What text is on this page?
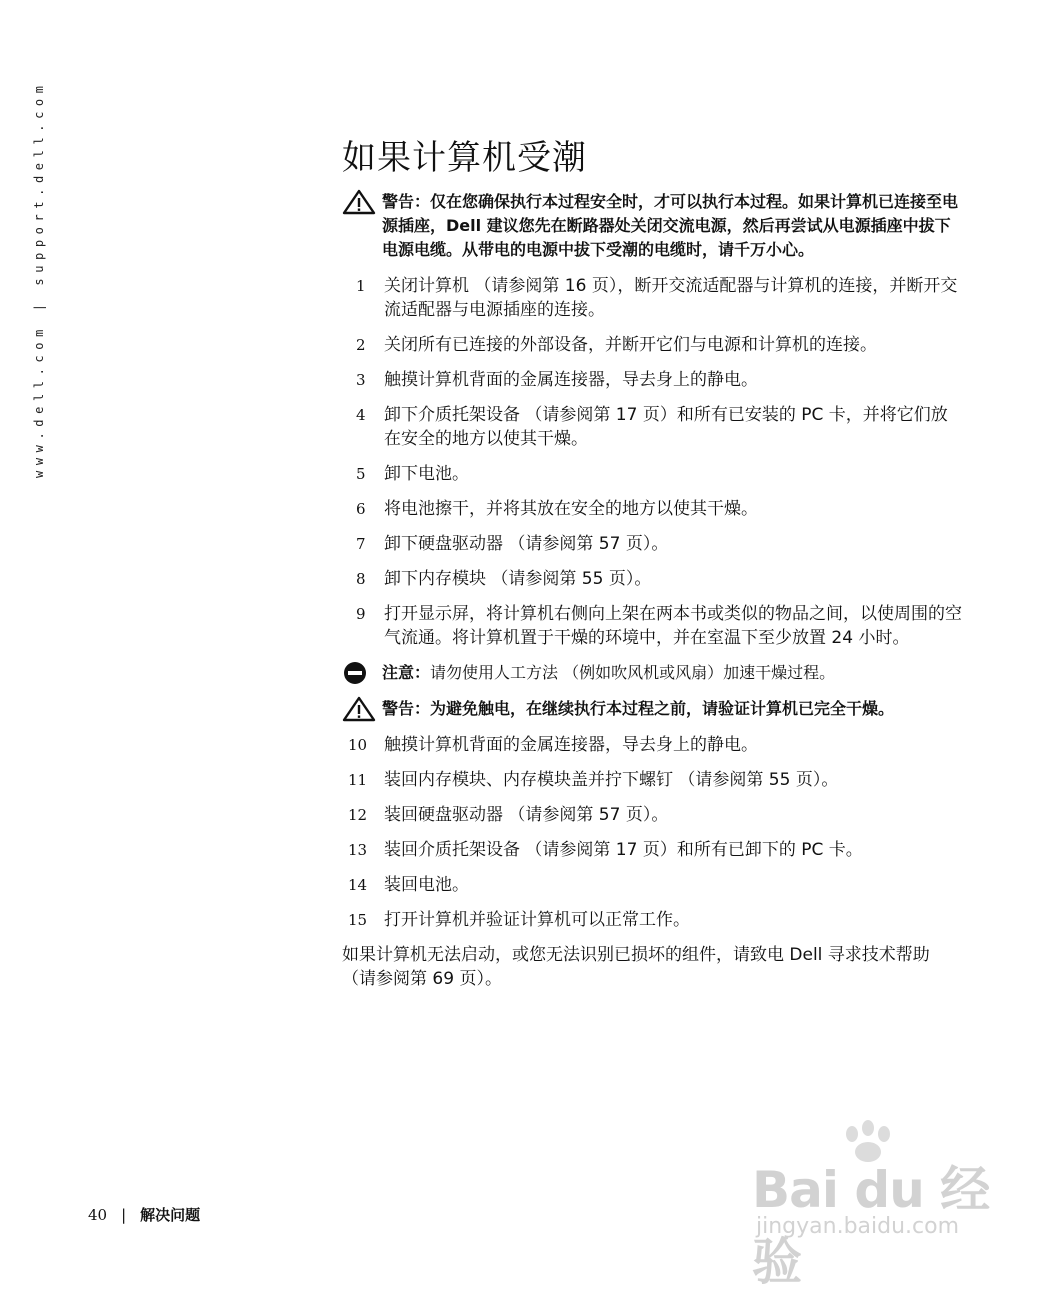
www.dell.com | support.dell.com	如果计算机受潮
警告：仅在您确保执行本过程安全时，才可以执行本过程。如果计算机已连接至电源插座，Dell 建议您先在断路器处关闭交流电源，然后再尝试从电源插座中拔下电源电缆。从带电的电源中拔下受潮的电缆时，请千万小心。
1	关闭计算机 （请参阅第 16 页），断开交流适配器与计算机的连接，并断开交流适配器与电源插座的连接。
2	关闭所有已连接的外部设备，并断开它们与电源和计算机的连接。
3	触摸计算机背面的金属连接器，导去身上的静电。
4	卸下介质托架设备 （请参阅第 17 页）和所有已安装的 PC 卡，并将它们放在安全的地方以使其干燥。
5	卸下电池。
6	将电池擦干，并将其放在安全的地方以使其干燥。
7	卸下硬盘驱动器 （请参阅第 57 页）。
8	卸下内存模块 （请参阅第 55 页）。
9	打开显示屏，将计算机右侧向上架在两本书或类似的物品之间，以使周围的空气流通。将计算机置于干燥的环境中，并在室温下至少放置 24 小时。
注意：请勿使用人工方法 （例如吹风机或风扇）加速干燥过程。
警告：为避免触电，在继续执行本过程之前，请验证计算机已完全干燥。
10 触摸计算机背面的金属连接器，导去身上的静电。
11 装回内存模块、内存模块盖并拧下螺钉 （请参阅第 55 页）。
12 装回硬盘驱动器 （请参阅第 57 页）。
13 装回介质托架设备 （请参阅第 17 页）和所有已卸下的 PC 卡。
14 装回电池。
15 打开计算机并验证计算机可以正常工作。

如果计算机无法启动，或您无法识别已损坏的组件，请致电 Dell 寻求技术帮助 （请参阅第 69 页）。

40 | 解决问题	Bai du 经验
jingyan.baidu.com
